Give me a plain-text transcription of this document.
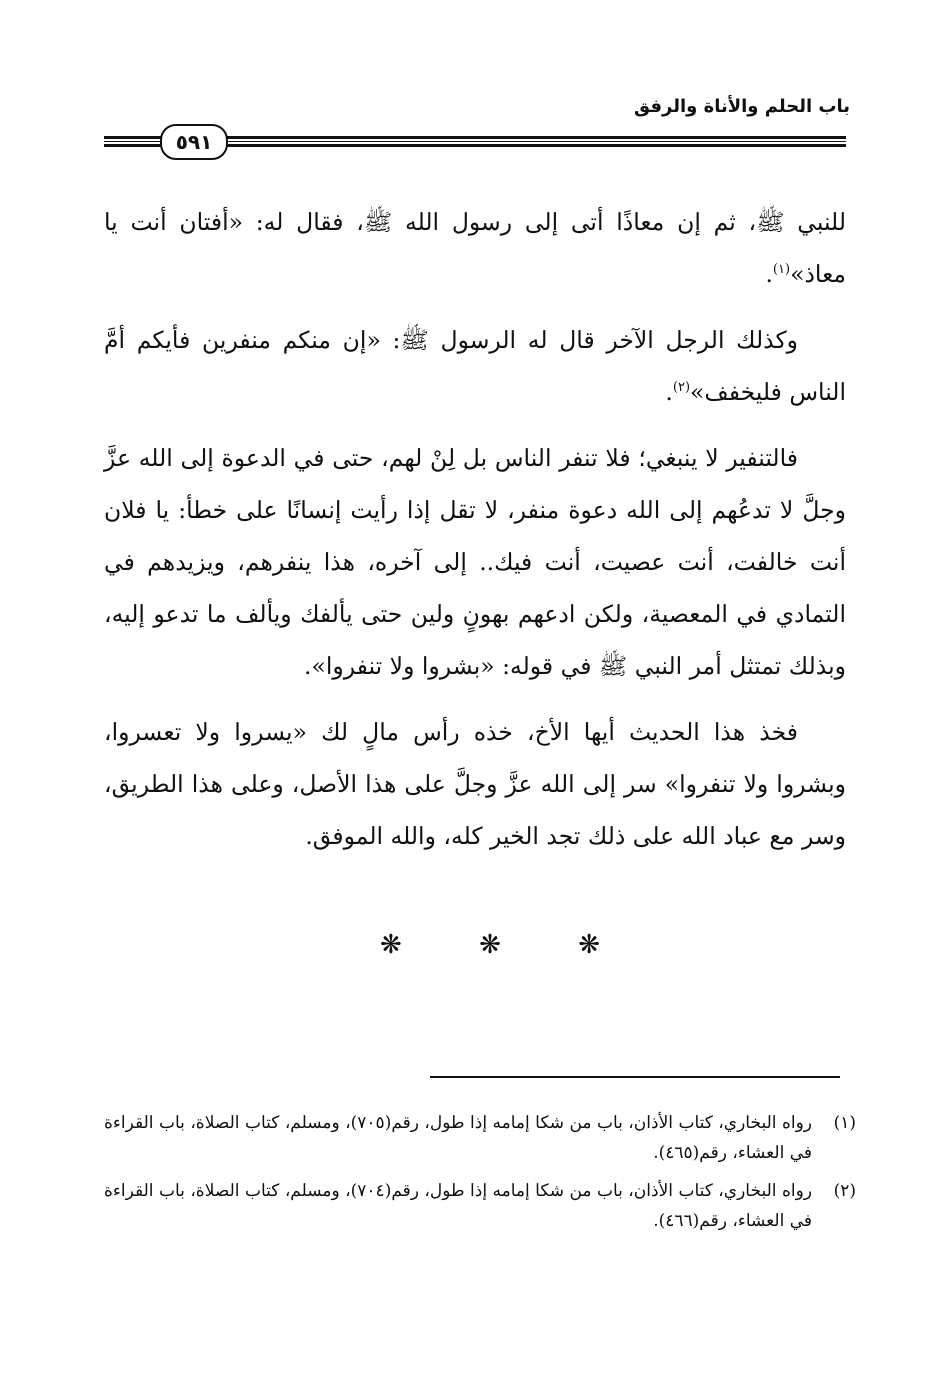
باب الحلم والأناة والرفق
٥٩١

للنبي ﷺ، ثم إن معاذًا أتى إلى رسول الله ﷺ، فقال له: «أفتان أنت يا معاذ»$^{(١)}$.

وكذلك الرجل الآخر قال له الرسول ﷺ: «إن منكم منفرين فأيكم أمَّ الناس فليخفف»$^{(٢)}$.

فالتنفير لا ينبغي؛ فلا تنفر الناس بل لِنْ لهم، حتى في الدعوة إلى الله عزَّ وجلَّ لا تدعُهم إلى الله دعوة منفر، لا تقل إذا رأيت إنسانًا على خطأ: يا فلان أنت خالفت، أنت عصيت، أنت فيك.. إلى آخره، هذا ينفرهم، ويزيدهم في التمادي في المعصية، ولكن ادعهم بهونٍ ولين حتى يألفك ويألف ما تدعو إليه، وبذلك تمتثل أمر النبي ﷺ في قوله: «بشروا ولا تنفروا».

فخذ هذا الحديث أيها الأخ، خذه رأس مالٍ لك «يسروا ولا تعسروا، وبشروا ولا تنفروا» سر إلى الله عزَّ وجلَّ على هذا الأصل، وعلى هذا الطريق، وسر مع عباد الله على ذلك تجد الخير كله، والله الموفق.

❋	❋	❋
(١)
رواه البخاري، كتاب الأذان، باب من شكا إمامه إذا طول، رقم(٧٠٥)، ومسلم، كتاب الصلاة، باب القراءة في العشاء، رقم(٤٦٥).
(٢)
رواه البخاري، كتاب الأذان، باب من شكا إمامه إذا طول، رقم(٧٠٤)، ومسلم، كتاب الصلاة، باب القراءة في العشاء، رقم(٤٦٦).
